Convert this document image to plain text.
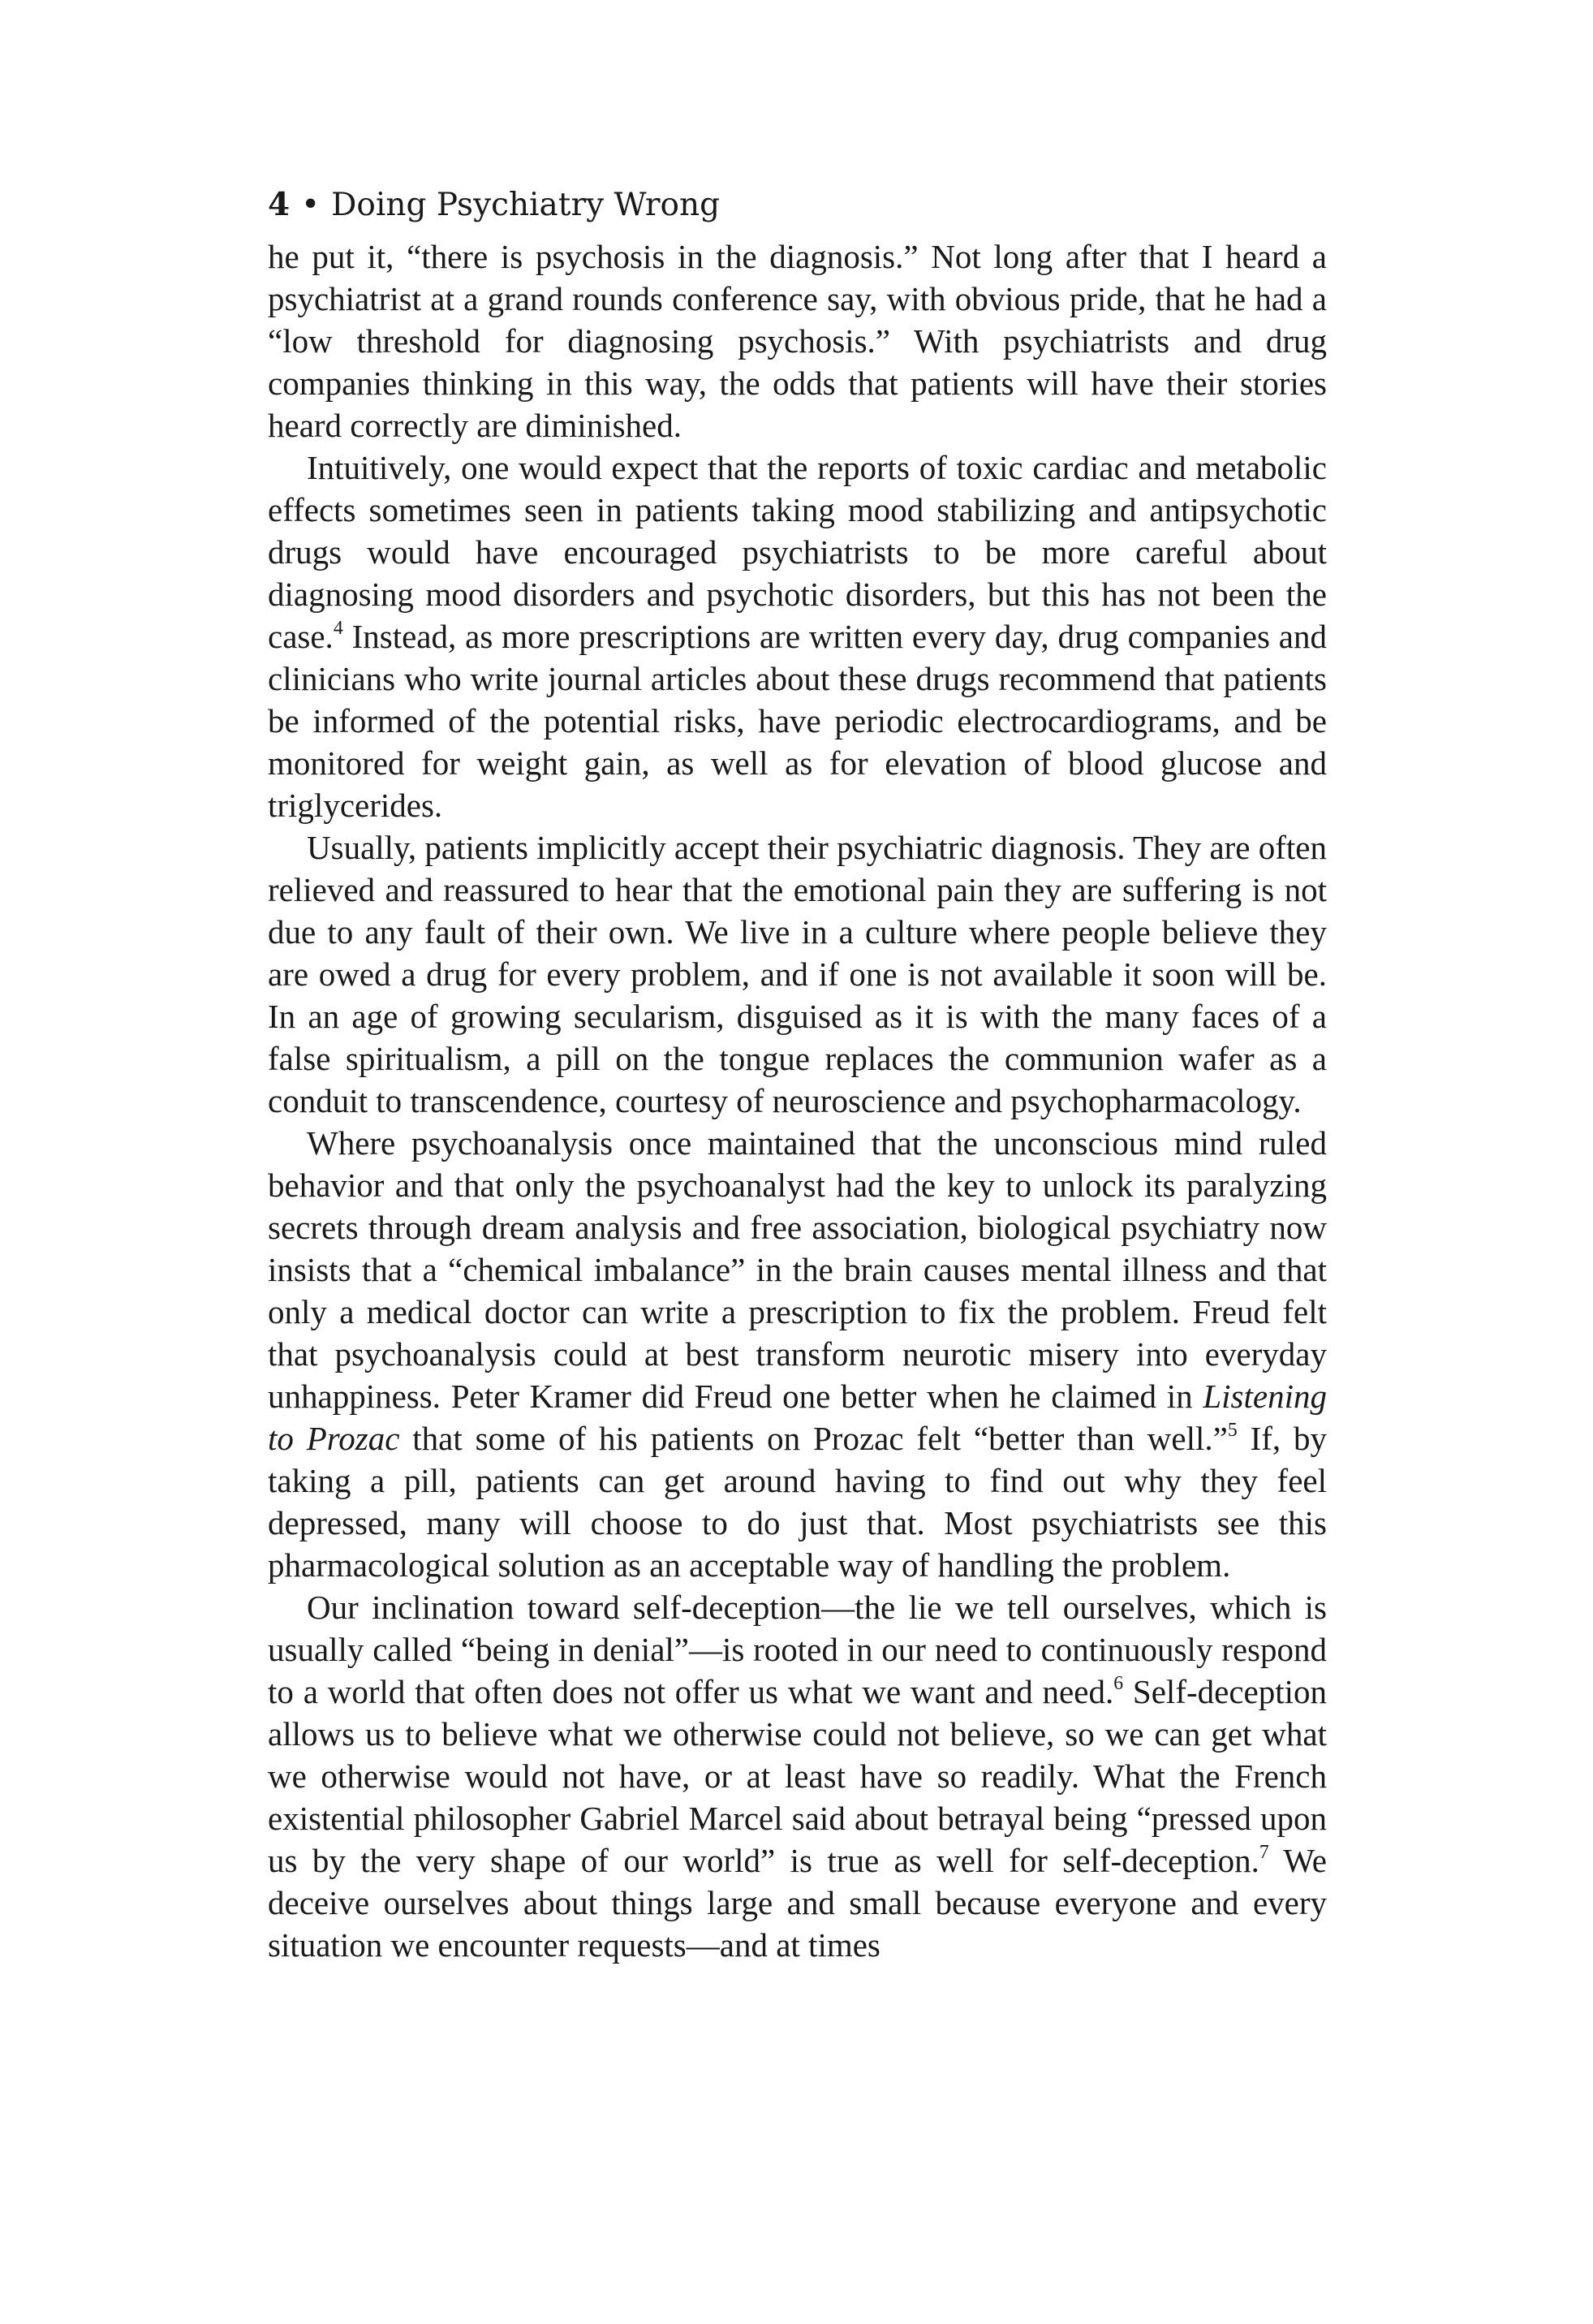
4 • Doing Psychiatry Wrong

he put it, “there is psychosis in the diagnosis.” Not long after that I heard a psychiatrist at a grand rounds conference say, with obvious pride, that he had a “low threshold for diagnosing psychosis.” With psychiatrists and drug companies thinking in this way, the odds that patients will have their stories heard correctly are diminished.

Intuitively, one would expect that the reports of toxic cardiac and metabolic effects sometimes seen in patients taking mood stabilizing and antipsychotic drugs would have encouraged psychiatrists to be more careful about diagnosing mood disorders and psychotic disorders, but this has not been the case.$^4$ Instead, as more prescriptions are written every day, drug companies and clinicians who write journal articles about these drugs recommend that patients be informed of the potential risks, have periodic electrocardiograms, and be monitored for weight gain, as well as for elevation of blood glucose and triglycerides.

Usually, patients implicitly accept their psychiatric diagnosis. They are often relieved and reassured to hear that the emotional pain they are suffering is not due to any fault of their own. We live in a culture where people believe they are owed a drug for every problem, and if one is not available it soon will be. In an age of growing secularism, disguised as it is with the many faces of a false spiritualism, a pill on the tongue replaces the communion wafer as a conduit to transcendence, courtesy of neuroscience and psychopharmacology.

Where psychoanalysis once maintained that the unconscious mind ruled behavior and that only the psychoanalyst had the key to unlock its paralyzing secrets through dream analysis and free association, biological psychiatry now insists that a “chemical imbalance” in the brain causes mental illness and that only a medical doctor can write a prescription to fix the problem. Freud felt that psychoanalysis could at best transform neurotic misery into everyday unhappiness. Peter Kramer did Freud one better when he claimed in Listening to Prozac that some of his patients on Prozac felt “better than well.”$^5$ If, by taking a pill, patients can get around having to find out why they feel depressed, many will choose to do just that. Most psychiatrists see this pharmacological solution as an acceptable way of handling the problem.

Our inclination toward self-deception—the lie we tell ourselves, which is usually called “being in denial”—is rooted in our need to continuously respond to a world that often does not offer us what we want and need.$^6$ Self-deception allows us to believe what we otherwise could not believe, so we can get what we otherwise would not have, or at least have so readily. What the French existential philosopher Gabriel Marcel said about betrayal being “pressed upon us by the very shape of our world” is true as well for self-deception.$^7$ We deceive ourselves about things large and small because everyone and every situation we encounter requests—and at times
